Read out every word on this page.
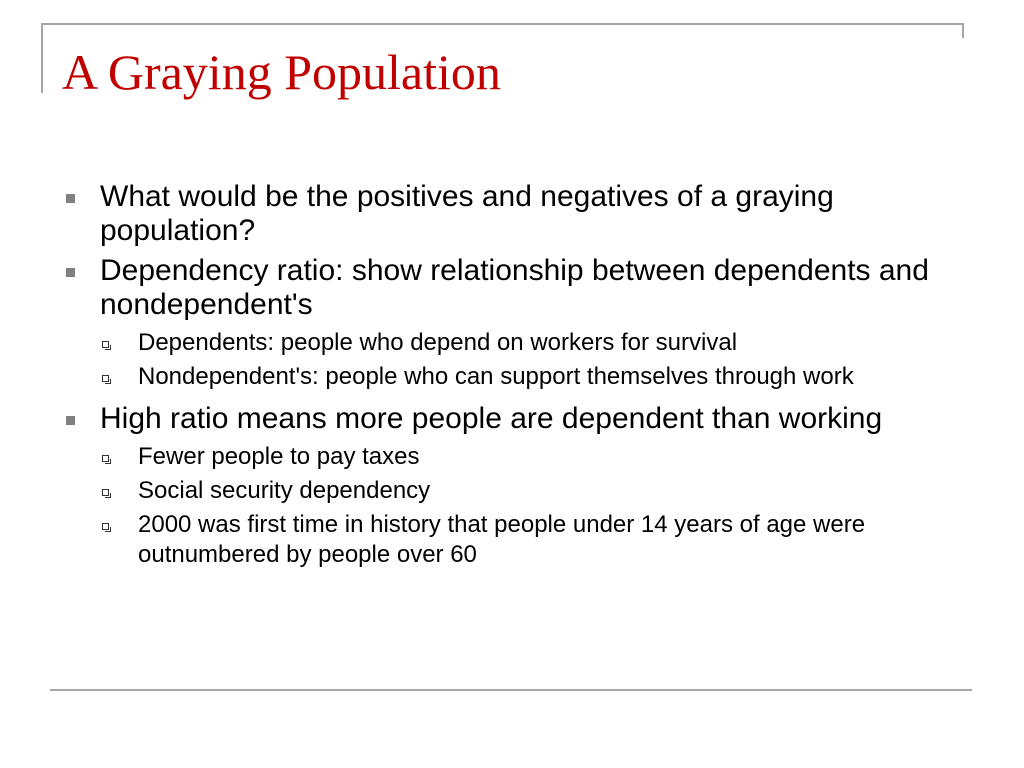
A Graying Population
What would be the positives and negatives of a graying population?
Dependency ratio: show relationship between dependents and nondependent's
Dependents: people who depend on workers for survival
Nondependent's: people who can support themselves through work
High ratio means more people are dependent than working
Fewer people to pay taxes
Social security dependency
2000 was first time in history that people under 14 years of age were outnumbered by people over 60
